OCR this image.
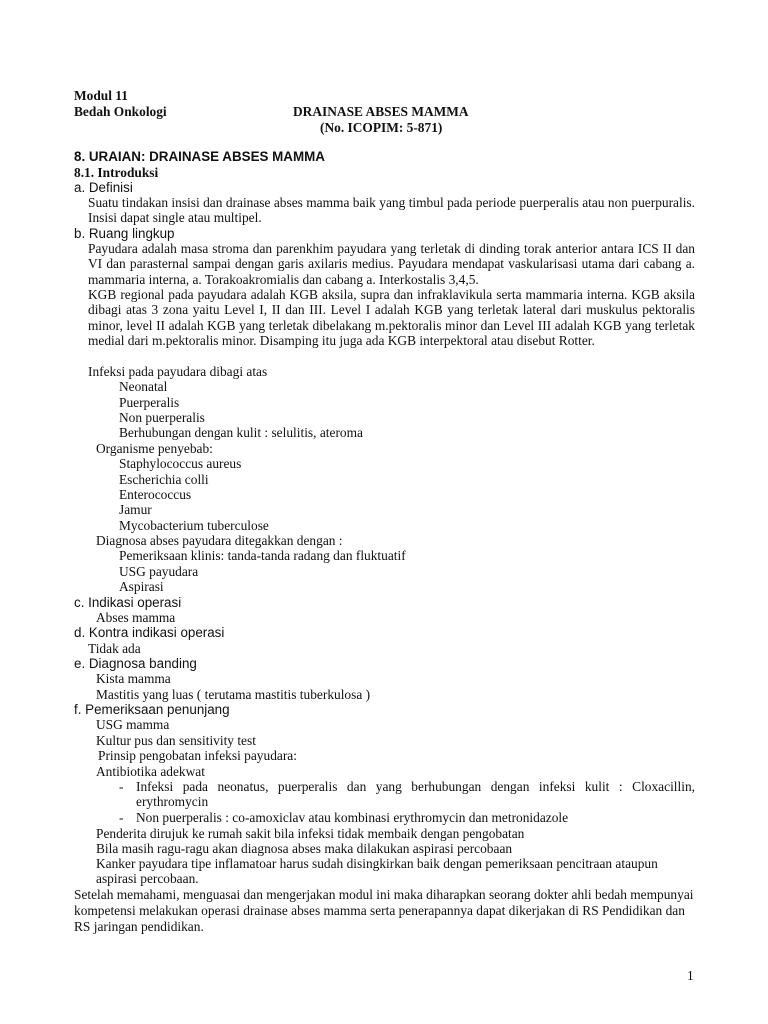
Modul 11
Bedah Onkologi	DRAINASE ABSES MAMMA
(No. ICOPIM: 5-871)
8. URAIAN: DRAINASE ABSES MAMMA
8.1. Introduksi
a. Definisi
Suatu tindakan insisi dan drainase abses mamma baik yang timbul pada periode puerperalis atau non puerpuralis. Insisi dapat single atau multipel.
b. Ruang lingkup
Payudara adalah masa stroma dan parenkhim payudara yang terletak di dinding torak anterior antara ICS II dan VI dan parasternal sampai dengan garis axilaris medius. Payudara mendapat vaskularisasi utama dari cabang a. mammaria interna, a. Torakoakromialis dan cabang a. Interkostalis 3,4,5.
KGB regional pada payudara adalah KGB aksila, supra dan infraklavikula serta mammaria interna. KGB aksila dibagi atas 3 zona yaitu Level I, II dan III. Level I adalah KGB yang terletak lateral dari muskulus pektoralis minor, level II adalah KGB yang terletak dibelakang m.pektoralis minor dan Level III adalah KGB yang terletak medial dari m.pektoralis minor. Disamping itu juga ada KGB interpektoral atau disebut Rotter.
Infeksi pada payudara dibagi atas
Neonatal
Puerperalis
Non puerperalis
Berhubungan dengan kulit : selulitis, ateroma
Organisme penyebab:
Staphylococcus aureus
Escherichia colli
Enterococcus
Jamur
Mycobacterium tuberculose
Diagnosa abses payudara ditegakkan dengan :
Pemeriksaan klinis: tanda-tanda radang dan fluktuatif
USG payudara
Aspirasi
c. Indikasi operasi
Abses mamma
d. Kontra indikasi operasi
Tidak ada
e. Diagnosa banding
Kista mamma
Mastitis yang luas ( terutama mastitis tuberkulosa )
f. Pemeriksaan penunjang
USG mamma
Kultur pus dan sensitivity test
Prinsip pengobatan infeksi payudara:
Antibiotika adekwat
- Infeksi pada neonatus, puerperalis dan yang berhubungan dengan infeksi kulit : Cloxacillin, erythromycin
- Non puerperalis : co-amoxiclav atau kombinasi erythromycin dan metronidazole
Penderita dirujuk ke rumah sakit bila infeksi tidak membaik dengan pengobatan
Bila masih ragu-ragu akan diagnosa abses maka dilakukan aspirasi percobaan
Kanker payudara tipe inflamatoar harus sudah disingkirkan baik dengan pemeriksaan pencitraan ataupun aspirasi percobaan.
Setelah memahami, menguasai dan mengerjakan modul ini maka diharapkan seorang dokter ahli bedah mempunyai kompetensi melakukan operasi drainase abses mamma serta penerapannya dapat dikerjakan di RS Pendidikan dan RS jaringan pendidikan.
1
